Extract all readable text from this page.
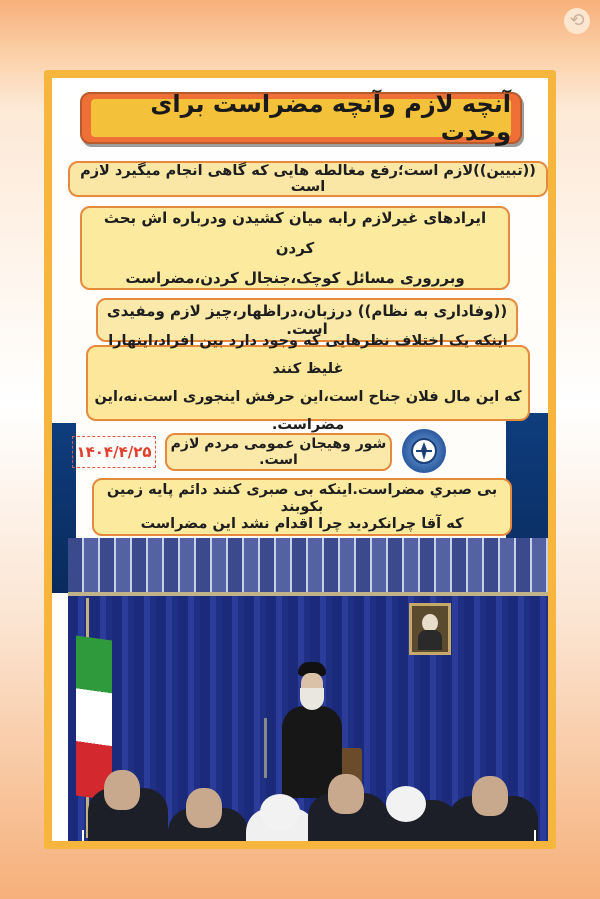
⟲
آنچه لازم وآنچه مضراست برای وحدت
((تبیین))لازم است؛رفع مغالطه هایی که گاهی انجام میگیرد لازم است
ایرادهای غیرلازم رابه میان کشیدن ودرباره اش بحث کردن
وبرروری مسائل کوچک،جنجال کردن،مضراست
((وفاداری به نظام)) درزبان،دراظهار،چیز لازم ومفیدی است.
اینکه یک اختلاف نظرهایی که وجود دارد بین افراد،اینهارا غلیظ کنند
که این مال فلان جناح است،این حرفش اینجوری است.نه،این مضراست.
۱۴۰۴/۴/۲۵	شور وهیجان عمومی مردم لازم است.
بی صبري مضراست.اینکه بی صبری کنند دائم پایه زمین بکوبند
که آقا چرانکردید چرا اقدام نشد این مضراست
